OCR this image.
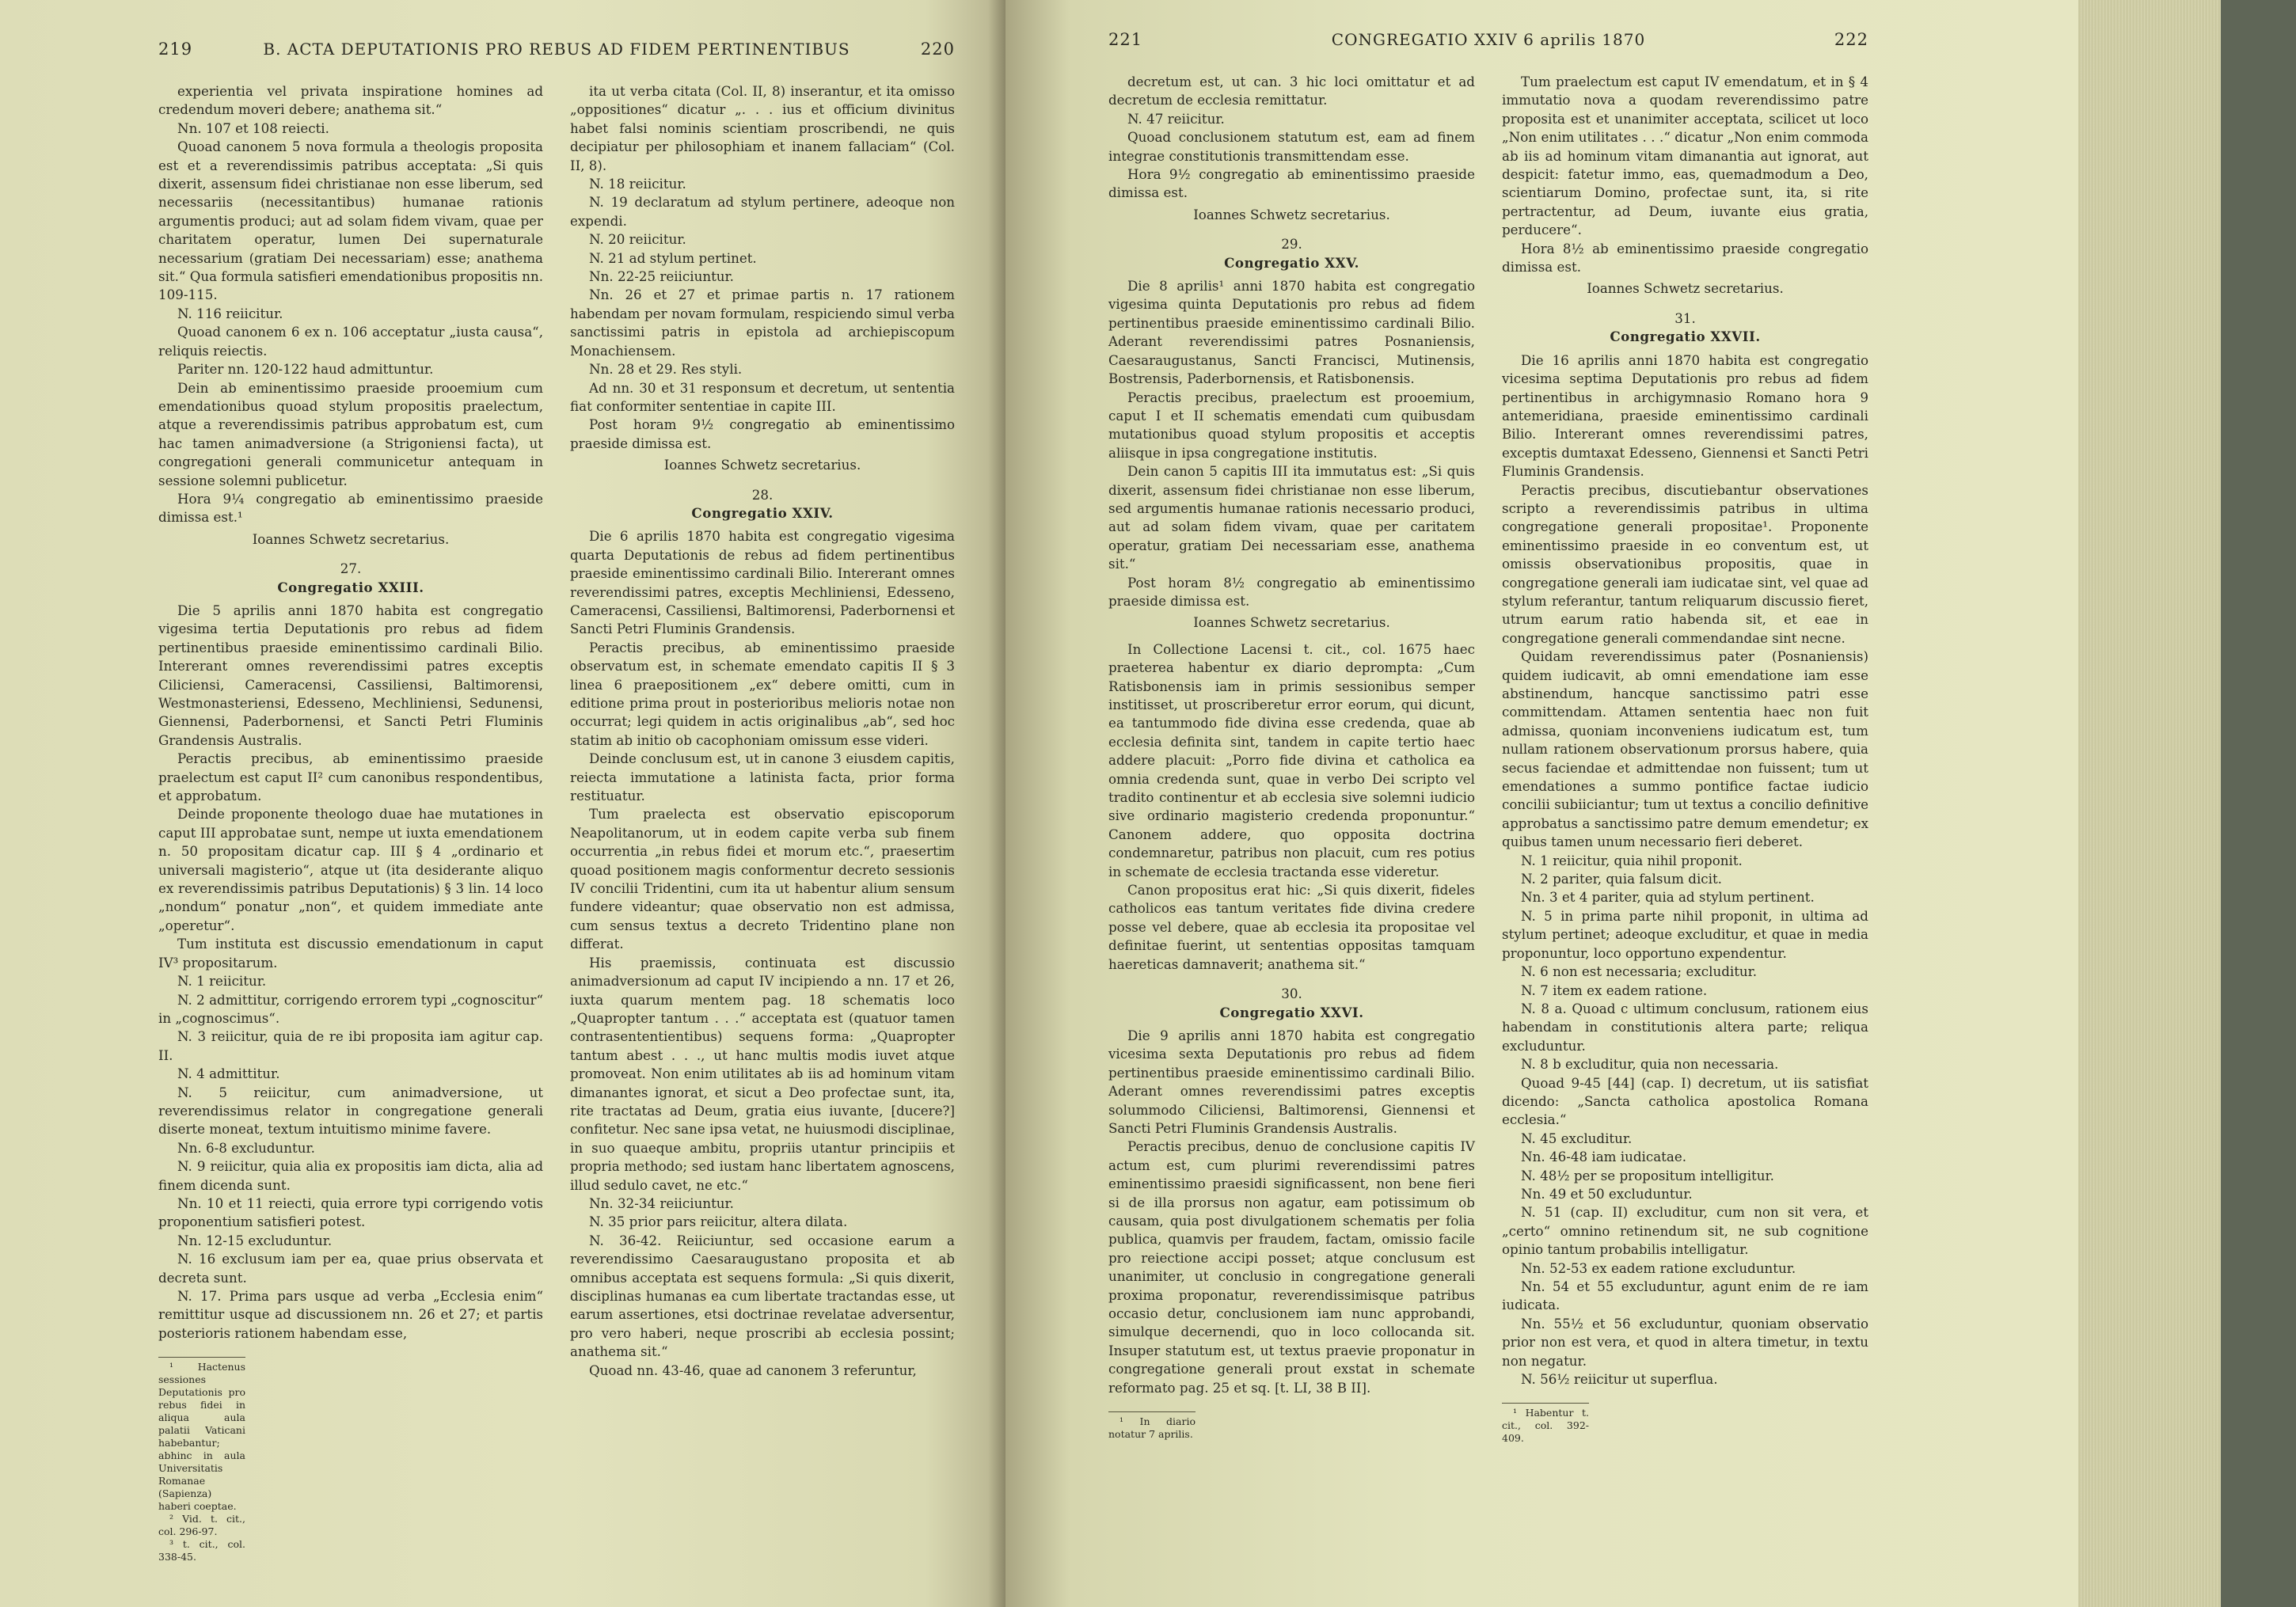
219	B. ACTA DEPUTATIONIS PRO REBUS AD FIDEM PERTINENTIBUS	220

experientia vel privata inspiratione homines ad credendum moveri debere; anathema sit.“

Nn. 107 et 108 reiecti.

Quoad canonem 5 nova formula a theologis proposita est et a reverendissimis patribus acceptata: „Si quis dixerit, assensum fidei christianae non esse liberum, sed necessariis (necessitantibus) humanae rationis argumentis produci; aut ad solam fidem vivam, quae per charitatem operatur, lumen Dei supernaturale necessarium (gratiam Dei necessariam) esse; anathema sit.“ Qua formula satisfieri emendationibus propositis nn. 109-115.

N. 116 reiicitur.

Quoad canonem 6 ex n. 106 acceptatur „iusta causa“, reliquis reiectis.

Pariter nn. 120-122 haud admittuntur.

Dein ab eminentissimo praeside prooemium cum emendationibus quoad stylum propositis praelectum, atque a reverendissimis patribus approbatum est, cum hac tamen animadversione (a Strigoniensi facta), ut congregationi generali communicetur antequam in sessione solemni publicetur.

Hora 9¼ congregatio ab eminentissimo praeside dimissa est.¹

Ioannes Schwetz secretarius.

27.

Congregatio XXIII.

Die 5 aprilis anni 1870 habita est congregatio vigesima tertia Deputationis pro rebus ad fidem pertinentibus praeside eminentissimo cardinali Bilio. Intererant omnes reverendissimi patres exceptis Ciliciensi, Cameracensi, Cassiliensi, Baltimorensi, Westmonasteriensi, Edesseno, Mechliniensi, Sedunensi, Giennensi, Paderbornensi, et Sancti Petri Fluminis Grandensis Australis.

Peractis precibus, ab eminentissimo praeside praelectum est caput II² cum canonibus respondentibus, et approbatum.

Deinde proponente theologo duae hae mutationes in caput III approbatae sunt, nempe ut iuxta emendationem n. 50 propositam dicatur cap. III § 4 „ordinario et universali magisterio“, atque ut (ita desiderante aliquo ex reverendissimis patribus Deputationis) § 3 lin. 14 loco „nondum“ ponatur „non“, et quidem immediate ante „operetur“.

Tum instituta est discussio emendationum in caput IV³ propositarum.

N. 1 reiicitur.

N. 2 admittitur, corrigendo errorem typi „cognoscitur“ in „cognoscimus“.

N. 3 reiicitur, quia de re ibi proposita iam agitur cap. II.

N. 4 admittitur.

N. 5 reiicitur, cum animadversione, ut reverendissimus relator in congregatione generali diserte moneat, textum intuitismo minime favere.

Nn. 6-8 excluduntur.

N. 9 reiicitur, quia alia ex propositis iam dicta, alia ad finem dicenda sunt.

Nn. 10 et 11 reiecti, quia errore typi corrigendo votis proponentium satisfieri potest.

Nn. 12-15 excluduntur.

N. 16 exclusum iam per ea, quae prius observata et decreta sunt.

N. 17. Prima pars usque ad verba „Ecclesia enim“ remittitur usque ad discussionem nn. 26 et 27; et partis posterioris rationem habendam esse,

¹ Hactenus sessiones Deputationis pro rebus fidei in aliqua aula palatii Vaticani habebantur; abhinc in aula Universitatis Romanae (Sapienza) haberi coeptae.
² Vid. t. cit., col. 296-97.
³ t. cit., col. 338-45.

ita ut verba citata (Col. II, 8) inserantur, et ita omisso „oppositiones“ dicatur „. . . ius et officium divinitus habet falsi nominis scientiam proscribendi, ne quis decipiatur per philosophiam et inanem fallaciam“ (Col. II, 8).

N. 18 reiicitur.

N. 19 declaratum ad stylum pertinere, adeoque non expendi.

N. 20 reiicitur.

N. 21 ad stylum pertinet.

Nn. 22-25 reiiciuntur.

Nn. 26 et 27 et primae partis n. 17 rationem habendam per novam formulam, respiciendo simul verba sanctissimi patris in epistola ad archiepiscopum Monachiensem.

Nn. 28 et 29. Res styli.

Ad nn. 30 et 31 responsum et decretum, ut sententia fiat conformiter sententiae in capite III.

Post horam 9½ congregatio ab eminentissimo praeside dimissa est.

Ioannes Schwetz secretarius.

28.

Congregatio XXIV.

Die 6 aprilis 1870 habita est congregatio vigesima quarta Deputationis de rebus ad fidem pertinentibus praeside eminentissimo cardinali Bilio. Intererant omnes reverendissimi patres, exceptis Mechliniensi, Edesseno, Cameracensi, Cassiliensi, Baltimorensi, Paderbornensi et Sancti Petri Fluminis Grandensis.

Peractis precibus, ab eminentissimo praeside observatum est, in schemate emendato capitis II § 3 linea 6 praepositionem „ex“ debere omitti, cum in editione prima prout in posterioribus melioris notae non occurrat; legi quidem in actis originalibus „ab“, sed hoc statim ab initio ob cacophoniam omissum esse videri.

Deinde conclusum est, ut in canone 3 eiusdem capitis, reiecta immutatione a latinista facta, prior forma restituatur.

Tum praelecta est observatio episcoporum Neapolitanorum, ut in eodem capite verba sub finem occurrentia „in rebus fidei et morum etc.“, praesertim quoad positionem magis conformentur decreto sessionis IV concilii Tridentini, cum ita ut habentur alium sensum fundere videantur; quae observatio non est admissa, cum sensus textus a decreto Tridentino plane non differat.

His praemissis, continuata est discussio animadversionum ad caput IV incipiendo a nn. 17 et 26, iuxta quarum mentem pag. 18 schematis loco „Quapropter tantum . . .“ acceptata est (quatuor tamen contrasententientibus) sequens forma: „Quapropter tantum abest . . ., ut hanc multis modis iuvet atque promoveat. Non enim utilitates ab iis ad hominum vitam dimanantes ignorat, et sicut a Deo profectae sunt, ita, rite tractatas ad Deum, gratia eius iuvante, [ducere?] confitetur. Nec sane ipsa vetat, ne huiusmodi disciplinae, in suo quaeque ambitu, propriis utantur principiis et propria methodo; sed iustam hanc libertatem agnoscens, illud sedulo cavet, ne etc.“

Nn. 32-34 reiiciuntur.

N. 35 prior pars reiicitur, altera dilata.

N. 36-42. Reiiciuntur, sed occasione earum a reverendissimo Caesaraugustano proposita et ab omnibus acceptata est sequens formula: „Si quis dixerit, disciplinas humanas ea cum libertate tractandas esse, ut earum assertiones, etsi doctrinae revelatae adversentur, pro vero haberi, neque proscribi ab ecclesia possint; anathema sit.“

Quoad nn. 43-46, quae ad canonem 3 referuntur,

221	CONGREGATIO XXIV 6 aprilis 1870	222

decretum est, ut can. 3 hic loci omittatur et ad decretum de ecclesia remittatur.

N. 47 reiicitur.

Quoad conclusionem statutum est, eam ad finem integrae constitutionis transmittendam esse.

Hora 9½ congregatio ab eminentissimo praeside dimissa est.

Ioannes Schwetz secretarius.

29.

Congregatio XXV.

Die 8 aprilis¹ anni 1870 habita est congregatio vigesima quinta Deputationis pro rebus ad fidem pertinentibus praeside eminentissimo cardinali Bilio. Aderant reverendissimi patres Posnaniensis, Caesaraugustanus, Sancti Francisci, Mutinensis, Bostrensis, Paderbornensis, et Ratisbonensis.

Peractis precibus, praelectum est prooemium, caput I et II schematis emendati cum quibusdam mutationibus quoad stylum propositis et acceptis aliisque in ipsa congregatione institutis.

Dein canon 5 capitis III ita immutatus est: „Si quis dixerit, assensum fidei christianae non esse liberum, sed argumentis humanae rationis necessario produci, aut ad solam fidem vivam, quae per caritatem operatur, gratiam Dei necessariam esse, anathema sit.“

Post horam 8½ congregatio ab eminentissimo praeside dimissa est.

Ioannes Schwetz secretarius.

In Collectione Lacensi t. cit., col. 1675 haec praeterea habentur ex diario deprompta: „Cum Ratisbonensis iam in primis sessionibus semper institisset, ut proscriberetur error eorum, qui dicunt, ea tantummodo fide divina esse credenda, quae ab ecclesia definita sint, tandem in capite tertio haec addere placuit: „Porro fide divina et catholica ea omnia credenda sunt, quae in verbo Dei scripto vel tradito continentur et ab ecclesia sive solemni iudicio sive ordinario magisterio credenda proponuntur.“ Canonem addere, quo opposita doctrina condemnaretur, patribus non placuit, cum res potius in schemate de ecclesia tractanda esse videretur.

Canon propositus erat hic: „Si quis dixerit, fideles catholicos eas tantum veritates fide divina credere posse vel debere, quae ab ecclesia ita propositae vel definitae fuerint, ut sententias oppositas tamquam haereticas damnaverit; anathema sit.“

30.

Congregatio XXVI.

Die 9 aprilis anni 1870 habita est congregatio vicesima sexta Deputationis pro rebus ad fidem pertinentibus praeside eminentissimo cardinali Bilio. Aderant omnes reverendissimi patres exceptis solummodo Ciliciensi, Baltimorensi, Giennensi et Sancti Petri Fluminis Grandensis Australis.

Peractis precibus, denuo de conclusione capitis IV actum est, cum plurimi reverendissimi patres eminentissimo praesidi significassent, non bene fieri si de illa prorsus non agatur, eam potissimum ob causam, quia post divulgationem schematis per folia publica, quamvis per fraudem, factam, omissio facile pro reiectione accipi posset; atque conclusum est unanimiter, ut conclusio in congregatione generali proxima proponatur, reverendissimisque patribus occasio detur, conclusionem iam nunc approbandi, simulque decernendi, quo in loco collocanda sit. Insuper statutum est, ut textus praevie proponatur in congregatione generali prout exstat in schemate reformato pag. 25 et sq. [t. LI, 38 B II].

¹ In diario notatur 7 aprilis.

Tum praelectum est caput IV emendatum, et in § 4 immutatio nova a quodam reverendissimo patre proposita est et unanimiter acceptata, scilicet ut loco „Non enim utilitates . . .“ dicatur „Non enim commoda ab iis ad hominum vitam dimanantia aut ignorat, aut despicit: fatetur immo, eas, quemadmodum a Deo, scientiarum Domino, profectae sunt, ita, si rite pertractentur, ad Deum, iuvante eius gratia, perducere“.

Hora 8½ ab eminentissimo praeside congregatio dimissa est.

Ioannes Schwetz secretarius.

31.

Congregatio XXVII.

Die 16 aprilis anni 1870 habita est congregatio vicesima septima Deputationis pro rebus ad fidem pertinentibus in archigymnasio Romano hora 9 antemeridiana, praeside eminentissimo cardinali Bilio. Intererant omnes reverendissimi patres, exceptis dumtaxat Edesseno, Giennensi et Sancti Petri Fluminis Grandensis.

Peractis precibus, discutiebantur observationes scripto a reverendissimis patribus in ultima congregatione generali propositae¹. Proponente eminentissimo praeside in eo conventum est, ut omissis observationibus propositis, quae in congregatione generali iam iudicatae sint, vel quae ad stylum referantur, tantum reliquarum discussio fieret, utrum earum ratio habenda sit, et eae in congregatione generali commendandae sint necne.

Quidam reverendissimus pater (Posnaniensis) quidem iudicavit, ab omni emendatione iam esse abstinendum, hancque sanctissimo patri esse committendam. Attamen sententia haec non fuit admissa, quoniam inconveniens iudicatum est, tum nullam rationem observationum prorsus habere, quia secus faciendae et admittendae non fuissent; tum ut emendationes a summo pontifice factae iudicio concilii subiiciantur; tum ut textus a concilio definitive approbatus a sanctissimo patre demum emendetur; ex quibus tamen unum necessario fieri deberet.

N. 1 reiicitur, quia nihil proponit.

N. 2 pariter, quia falsum dicit.

Nn. 3 et 4 pariter, quia ad stylum pertinent.

N. 5 in prima parte nihil proponit, in ultima ad stylum pertinet; adeoque excluditur, et quae in media proponuntur, loco opportuno expendentur.

N. 6 non est necessaria; excluditur.

N. 7 item ex eadem ratione.

N. 8 a. Quoad c ultimum conclusum, rationem eius habendam in constitutionis altera parte; reliqua excluduntur.

N. 8 b excluditur, quia non necessaria.

Quoad 9-45 [44] (cap. I) decretum, ut iis satisfiat dicendo: „Sancta catholica apostolica Romana ecclesia.“

N. 45 excluditur.

Nn. 46-48 iam iudicatae.

N. 48½ per se propositum intelligitur.

Nn. 49 et 50 excluduntur.

N. 51 (cap. II) excluditur, cum non sit vera, et „certo“ omnino retinendum sit, ne sub cognitione opinio tantum probabilis intelligatur.

Nn. 52-53 ex eadem ratione excluduntur.

Nn. 54 et 55 excluduntur, agunt enim de re iam iudicata.

Nn. 55½ et 56 excluduntur, quoniam observatio prior non est vera, et quod in altera timetur, in textu non negatur.

N. 56½ reiicitur ut superflua.

¹ Habentur t. cit., col. 392-409.
